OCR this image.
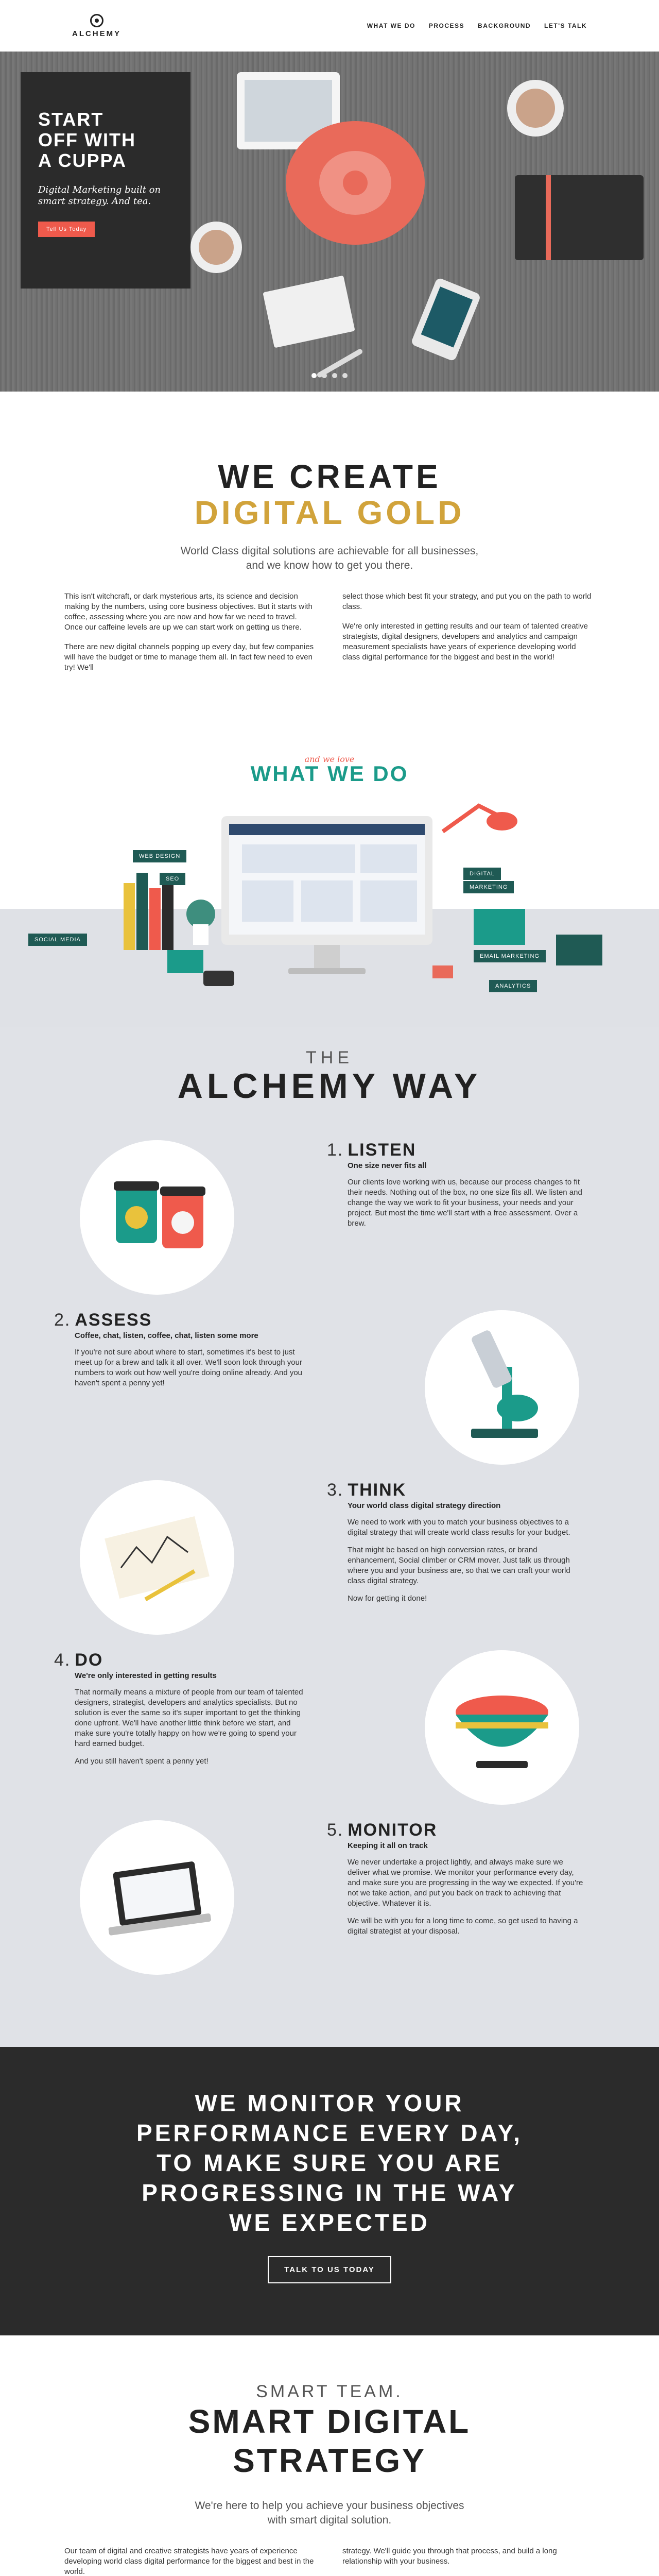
ALCHEMY
WHAT WE DO PROCESS BACKGROUND LET'S TALK
START
OFF WITH
A CUPPA

Digital Marketing built on smart strategy. And tea.

Tell Us Today
WE CREATE
DIGITAL GOLD
World Class digital solutions are achievable for all businesses,
and we know how to get you there.

This isn't witchcraft, or dark mysterious arts, its science and decision making by the numbers, using core business objectives. But it starts with coffee, assessing where you are now and how far we need to travel. Once our caffeine levels are up we can start work on getting us there.

There are new digital channels popping up every day, but few companies will have the budget or time to manage them all. In fact few need to even try! We'll

select those which best fit your strategy, and put you on the path to world class.

We're only interested in getting results and our team of talented creative strategists, digital designers, developers and analytics and campaign measurement specialists have years of experience developing world class digital performance for the biggest and best in the world!

and we love
WHAT WE DO
WEB DESIGN
SEO
DIGITAL
MARKETING
SOCIAL MEDIA
EMAIL MARKETING
ANALYTICS
THE
ALCHEMY WAY
1. LISTEN
One size never fits all

Our clients love working with us, because our process changes to fit their needs. Nothing out of the box, no one size fits all. We listen and change the way we work to fit your business, your needs and your project. But most the time we'll start with a free assessment. Over a brew.

2. ASSESS
Coffee, chat, listen, coffee, chat, listen some more

If you're not sure about where to start, sometimes it's best to just meet up for a brew and talk it all over. We'll soon look through your numbers to work out how well you're doing online already. And you haven't spent a penny yet!

3. THINK
Your world class digital strategy direction

We need to work with you to match your business objectives to a digital strategy that will create world class results for your budget.

That might be based on high conversion rates, or brand enhancement, Social climber or CRM mover. Just talk us through where you and your business are, so that we can craft your world class digital strategy.

Now for getting it done!

4. DO
We're only interested in getting results

That normally means a mixture of people from our team of talented designers, strategist, developers and analytics specialists. But no solution is ever the same so it's super important to get the thinking done upfront. We'll have another little think before we start, and make sure you're totally happy on how we're going to spend your hard earned budget.

And you still haven't spent a penny yet!

5. MONITOR
Keeping it all on track

We never undertake a project lightly, and always make sure we deliver what we promise. We monitor your performance every day, and make sure you are progressing in the way we expected. If you're not we take action, and put you back on track to achieving that objective. Whatever it is.

We will be with you for a long time to come, so get used to having a digital strategist at your disposal.

WE MONITOR YOUR
PERFORMANCE EVERY DAY,
TO MAKE SURE YOU ARE
PROGRESSING IN THE WAY
WE EXPECTED
TALK TO US TODAY
SMART TEAM.
SMART DIGITAL
STRATEGY
We're here to help you achieve your business objectives
with smart digital solution.

Our team of digital and creative strategists have years of experience developing world class digital performance for the biggest and best in the world.

strategy. We'll guide you through that process, and build a long relationship with your business.
